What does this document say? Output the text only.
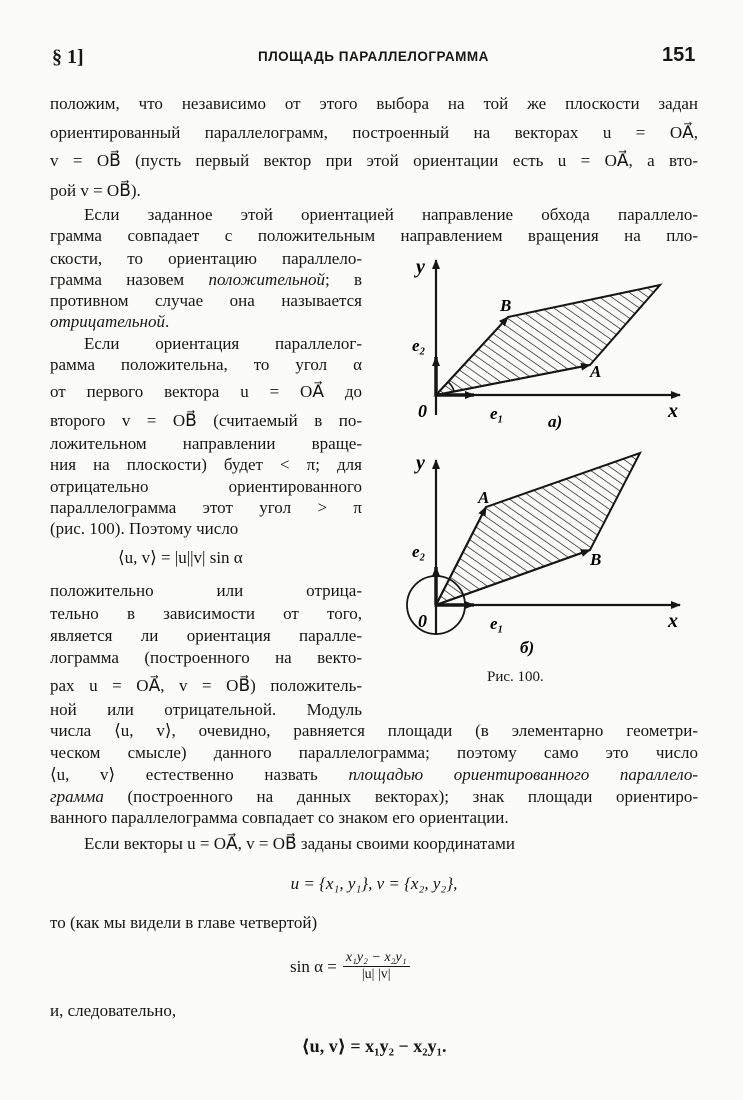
§ 1]	ПЛОЩАДЬ ПАРАЛЛЕЛОГРАММА	151
положим, что независимо от этого выбора на той же плоскости задан
ориентированный параллелограмм, построенный на векторах u = OA⃗,
v = OB⃗ (пусть первый вектор при этой ориентации есть u = OA⃗, а вто-
рой v = OB⃗).
Если заданное этой ориентацией направление обхода параллело-
грамма совпадает с положительным направлением вращения на пло-
скости, то ориентацию параллело-
грамма назовем положительной; в
противном случае она называется
отрицательной.
Если ориентация параллелог-
рамма положительна, то угол α
от первого вектора u = OA⃗ до
второго v = OB⃗ (считаемый в по-
ложительном направлении враще-
ния на плоскости) будет < π; для
отрицательно ориентированного
параллелограмма этот угол > π
(рис. 100). Поэтому число
⟨u, v⟩ = |u||v| sin α
положительно или отрица-
тельно в зависимости от того,
является ли ориентация паралле-
лограмма (построенного на векто-
рах u = OA⃗, v = OB⃗) положитель-
ной или отрицательной. Модуль
y
x
0	e₁
e₂
A
B
а)
y
x
0	e₁
e₂
A
B
б)
Рис. 100.
числа ⟨u, v⟩, очевидно, равняется площади (в элементарно геометри-
ческом смысле) данного параллелограмма; поэтому само это число
⟨u, v⟩ естественно назвать площадью ориентированного параллело-
грамма (построенного на данных векторах); знак площади ориентиро-
ванного параллелограмма совпадает со знаком его ориентации.
Если векторы u = OA⃗, v = OB⃗ заданы своими координатами
u = {x₁, y₁}, v = {x₂, y₂},
то (как мы видели в главе четвертой)
$\sin \alpha = \frac{\text{x₁y₂ − x₂y₁}}{|u| |v|}$
и, следовательно,
⟨u, v⟩ = x₁y₂ − x₂y₁.
